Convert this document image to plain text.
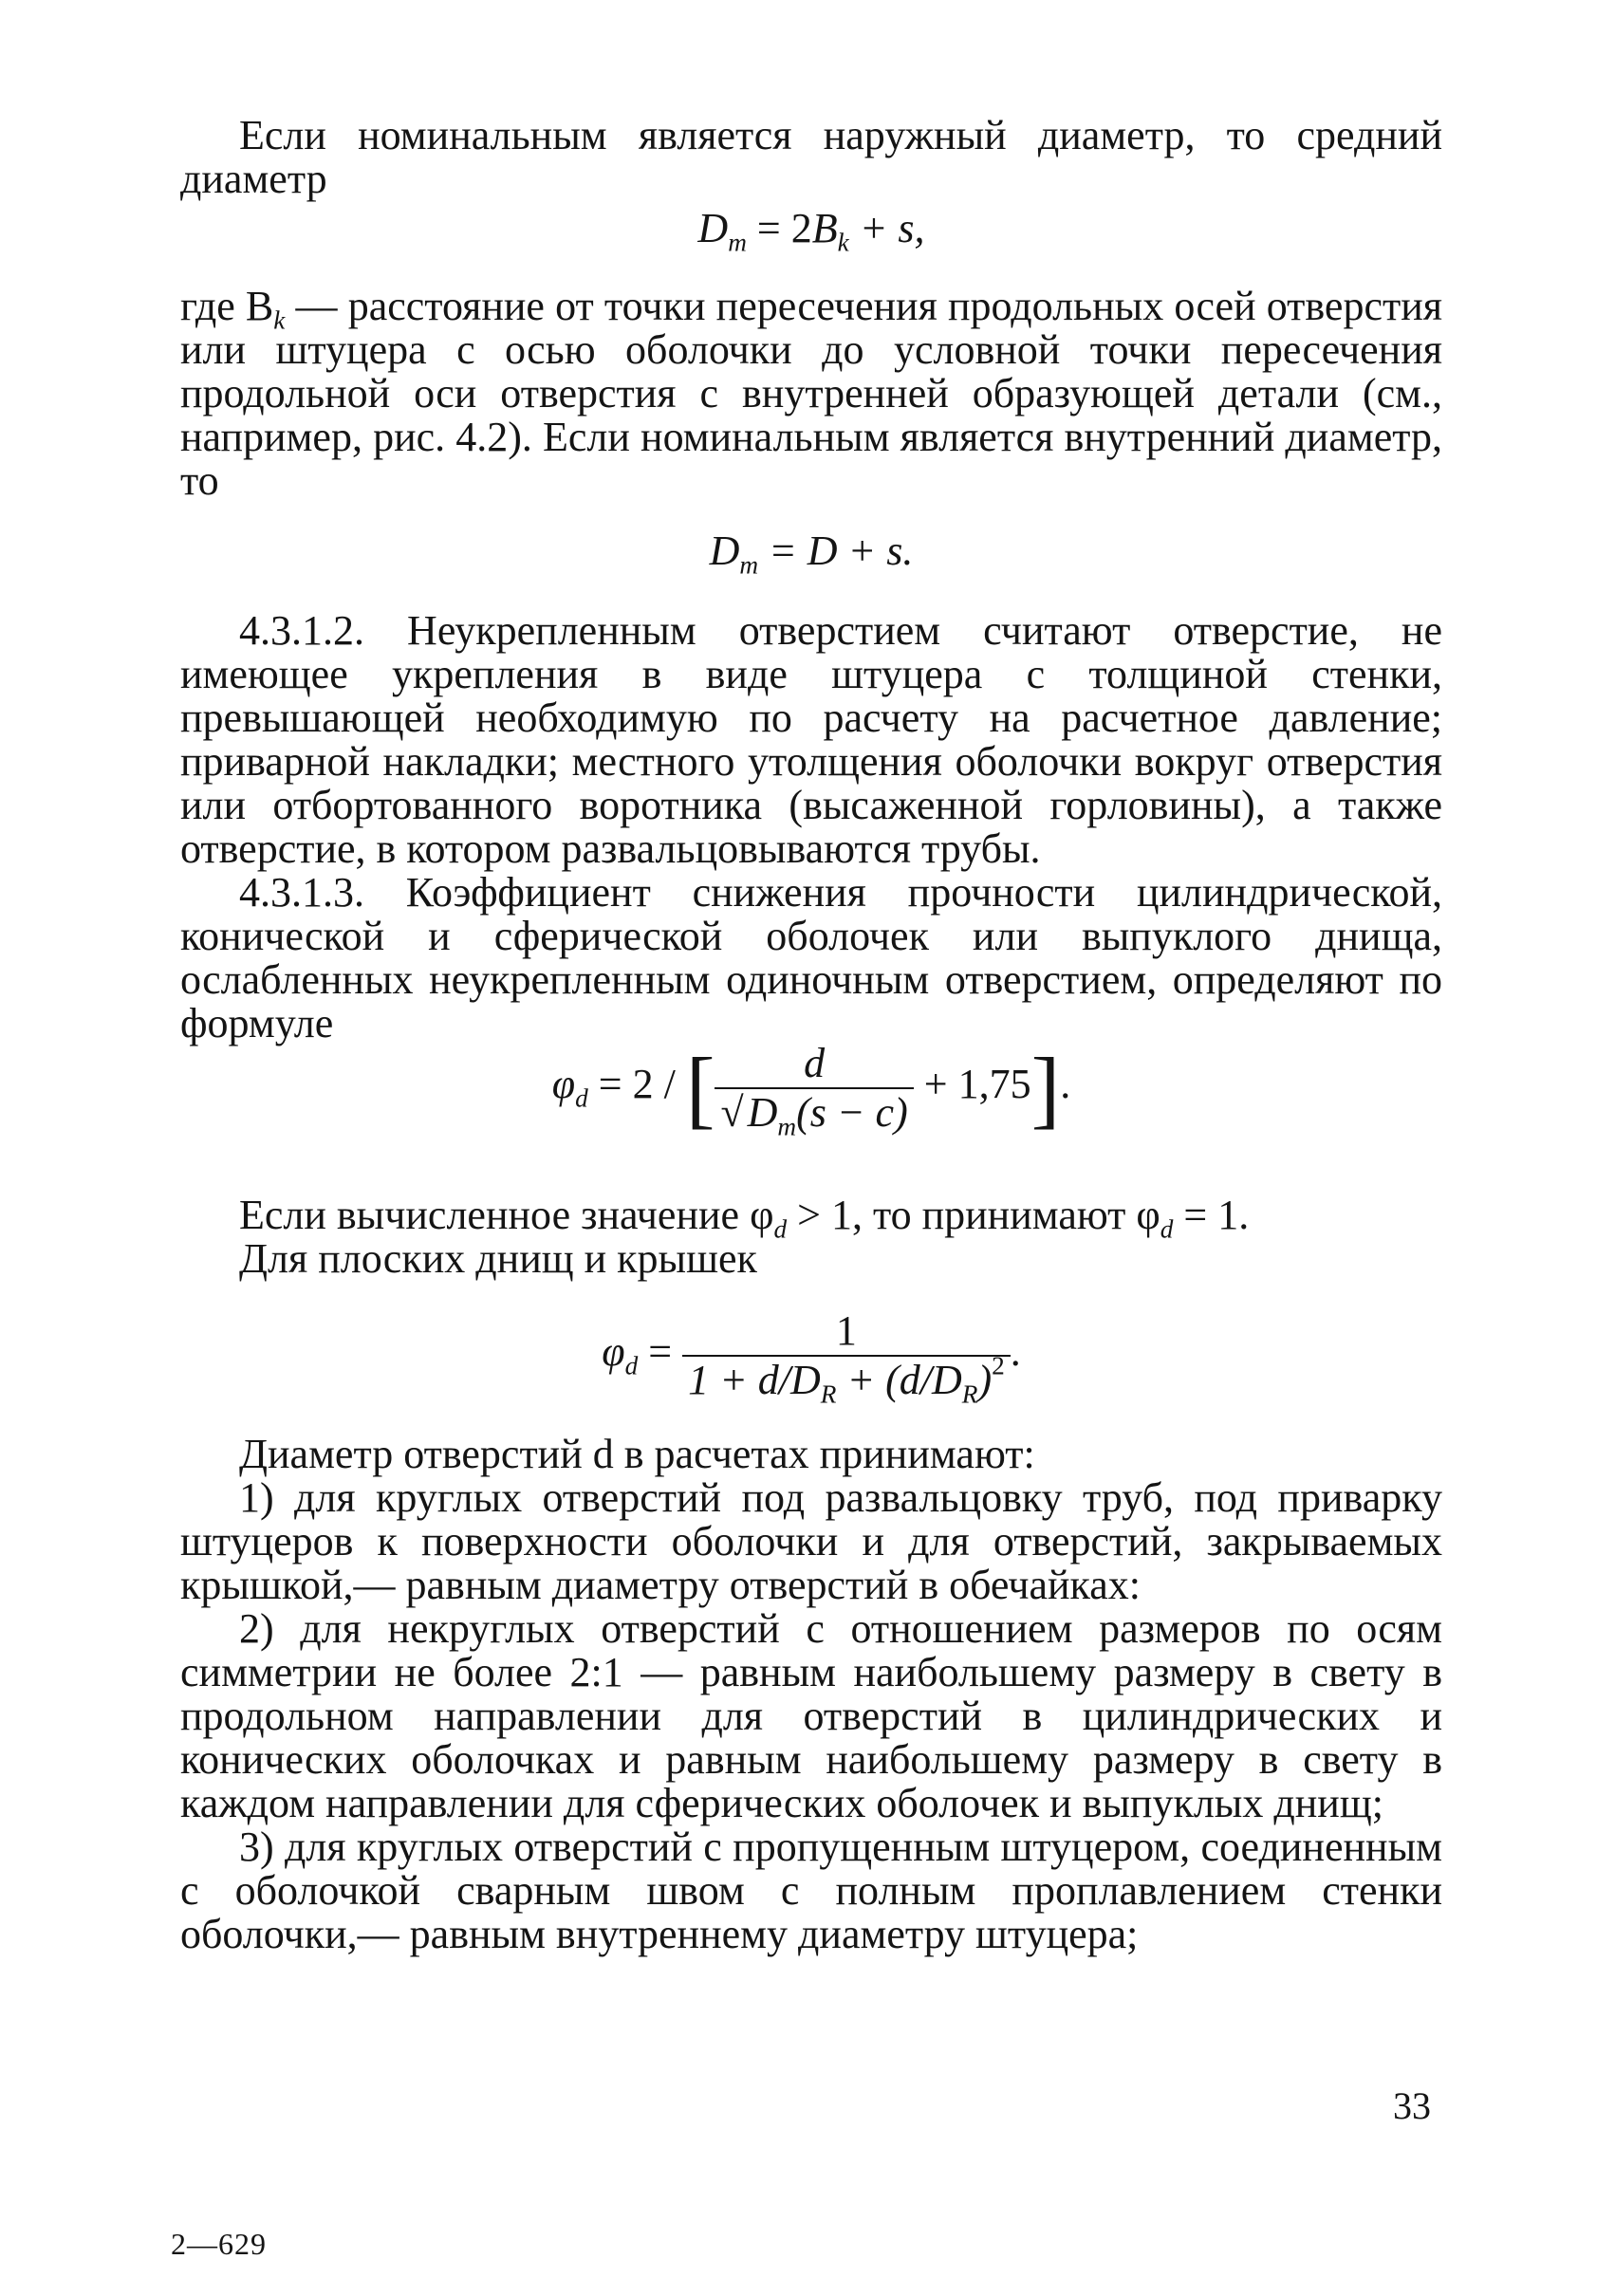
Если номинальным является наружный диаметр, то средний диаметр

$D_m = 2B_k + s$,

где $B_k$ — расстояние от точки пересечения продольных осей отверстия или штуцера с осью оболочки до условной точки пересечения продольной оси отверстия с внутренней образующей детали (см., например, рис. 4.2). Если номинальным является внутренний диаметр, то

$D_m = D + s$.

4.3.1.2. Неукрепленным отверстием считают отверстие, не имеющее укрепления в виде штуцера с толщиной стенки, превышающей необходимую по расчету на расчетное давление; приварной накладки; местного утолщения оболочки вокруг отверстия или отбортованного воротника (высаженной горловины), а также отверстие, в котором развальцовываются трубы.

4.3.1.3. Коэффициент снижения прочности цилиндрической, конической и сферической оболочек или выпуклого днища, ослабленных неукрепленным одиночным отверстием, определяют по формуле

$\varphi_d = 2$ / [ $\frac{d}{√D_m(s - c)} + 1,75$].

Если вычисленное значение $\varphi_d > 1$, то принимают $\varphi_d = 1$.

Для плоских днищ и крышек

$\varphi_d = \frac{1}{1 + d/D_R + (d/D_R)^2}$ .

Диаметр отверстий d в расчетах принимают:

1) для круглых отверстий под развальцовку труб, под приварку штуцеров к поверхности оболочки и для отверстий, закрываемых крышкой,— равным диаметру отверстий в обечайках:

2) для некруглых отверстий с отношением размеров по осям симметрии не более 2:1 — равным наибольшему размеру в свету в продольном направлении для отверстий в цилиндрических и конических оболочках и равным наибольшему размеру в свету в каждом направлении для сферических оболочек и выпуклых днищ;

3) для круглых отверстий с пропущенным штуцером, соединенным с оболочкой сварным швом с полным проплавлением стенки оболочки,— равным внутреннему диаметру штуцера;

33
2—629
